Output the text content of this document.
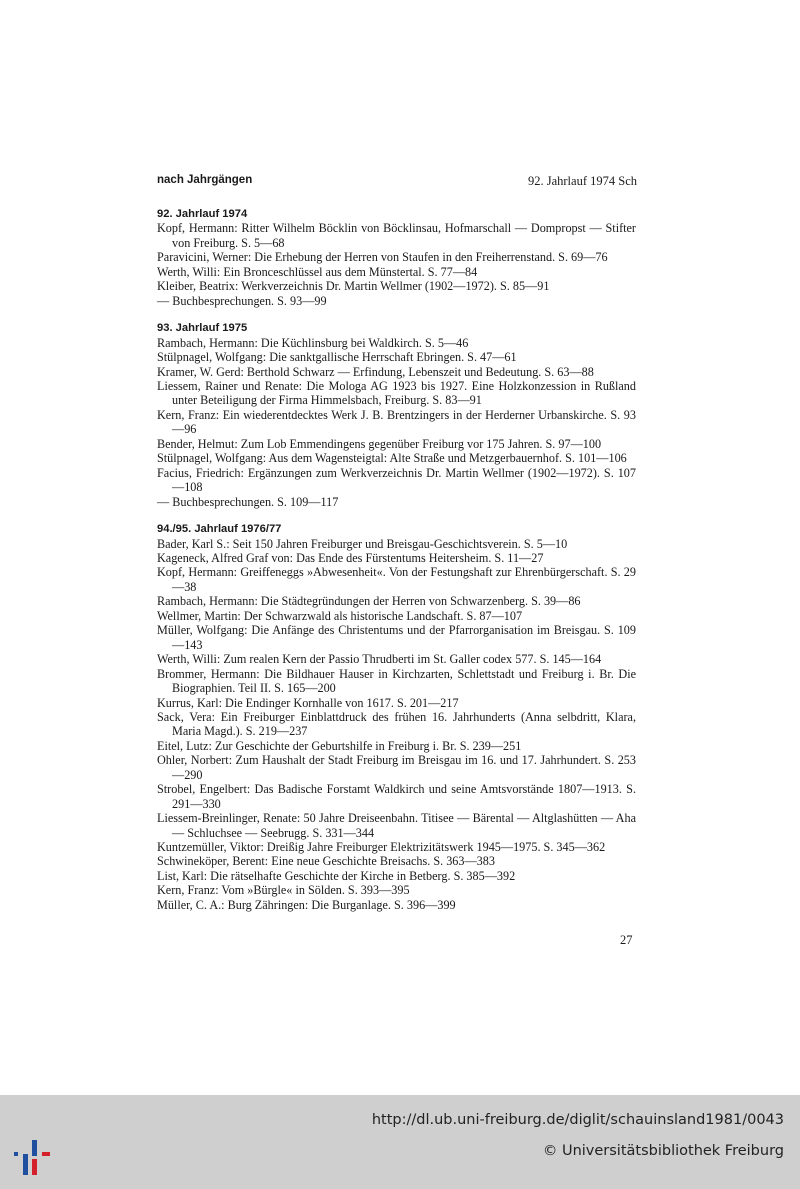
nach Jahrgängen	92. Jahrlauf 1974 Sch

92. Jahrlauf 1974

Kopf, Hermann: Ritter Wilhelm Böcklin von Böcklinsau, Hofmarschall — Dompropst — Stifter von Freiburg. S. 5—68

Paravicini, Werner: Die Erhebung der Herren von Staufen in den Freiherrenstand. S. 69—76

Werth, Willi: Ein Bronceschlüssel aus dem Münstertal. S. 77—84

Kleiber, Beatrix: Werkverzeichnis Dr. Martin Wellmer (1902—1972). S. 85—91

— Buchbesprechungen. S. 93—99

93. Jahrlauf 1975

Rambach, Hermann: Die Küchlinsburg bei Waldkirch. S. 5—46

Stülpnagel, Wolfgang: Die sanktgallische Herrschaft Ebringen. S. 47—61

Kramer, W. Gerd: Berthold Schwarz — Erfindung, Lebenszeit und Bedeutung. S. 63—88

Liessem, Rainer und Renate: Die Mologa AG 1923 bis 1927. Eine Holzkonzession in Rußland unter Beteiligung der Firma Himmelsbach, Freiburg. S. 83—91

Kern, Franz: Ein wiederentdecktes Werk J. B. Brentzingers in der Herderner Urbanskirche. S. 93—96

Bender, Helmut: Zum Lob Emmendingens gegenüber Freiburg vor 175 Jahren. S. 97—100

Stülpnagel, Wolfgang: Aus dem Wagensteigtal: Alte Straße und Metzgerbauernhof. S. 101—106

Facius, Friedrich: Ergänzungen zum Werkverzeichnis Dr. Martin Wellmer (1902—1972). S. 107—108

— Buchbesprechungen. S. 109—117

94./95. Jahrlauf 1976/77

Bader, Karl S.: Seit 150 Jahren Freiburger und Breisgau-Geschichtsverein. S. 5—10

Kageneck, Alfred Graf von: Das Ende des Fürstentums Heitersheim. S. 11—27

Kopf, Hermann: Greiffeneggs »Abwesenheit«. Von der Festungshaft zur Ehrenbürgerschaft. S. 29—38

Rambach, Hermann: Die Städtegründungen der Herren von Schwarzenberg. S. 39—86

Wellmer, Martin: Der Schwarzwald als historische Landschaft. S. 87—107

Müller, Wolfgang: Die Anfänge des Christentums und der Pfarrorganisation im Breisgau. S. 109—143

Werth, Willi: Zum realen Kern der Passio Thrudberti im St. Galler codex 577. S. 145—164

Brommer, Hermann: Die Bildhauer Hauser in Kirchzarten, Schlettstadt und Freiburg i. Br. Die Biographien. Teil II. S. 165—200

Kurrus, Karl: Die Endinger Kornhalle von 1617. S. 201—217

Sack, Vera: Ein Freiburger Einblattdruck des frühen 16. Jahrhunderts (Anna selbdritt, Klara, Maria Magd.). S. 219—237

Eitel, Lutz: Zur Geschichte der Geburtshilfe in Freiburg i. Br. S. 239—251

Ohler, Norbert: Zum Haushalt der Stadt Freiburg im Breisgau im 16. und 17. Jahrhundert. S. 253—290

Strobel, Engelbert: Das Badische Forstamt Waldkirch und seine Amtsvorstände 1807—1913. S. 291—330

Liessem-Breinlinger, Renate: 50 Jahre Dreiseenbahn. Titisee — Bärental — Altglashütten — Aha — Schluchsee — Seebrugg. S. 331—344

Kuntzemüller, Viktor: Dreißig Jahre Freiburger Elektrizitätswerk 1945—1975. S. 345—362

Schwineköper, Berent: Eine neue Geschichte Breisachs. S. 363—383

List, Karl: Die rätselhafte Geschichte der Kirche in Betberg. S. 385—392

Kern, Franz: Vom »Bürgle« in Sölden. S. 393—395

Müller, C. A.: Burg Zähringen: Die Burganlage. S. 396—399

27
http://dl.ub.uni-freiburg.de/diglit/schauinsland1981/0043
© Universitätsbibliothek Freiburg
